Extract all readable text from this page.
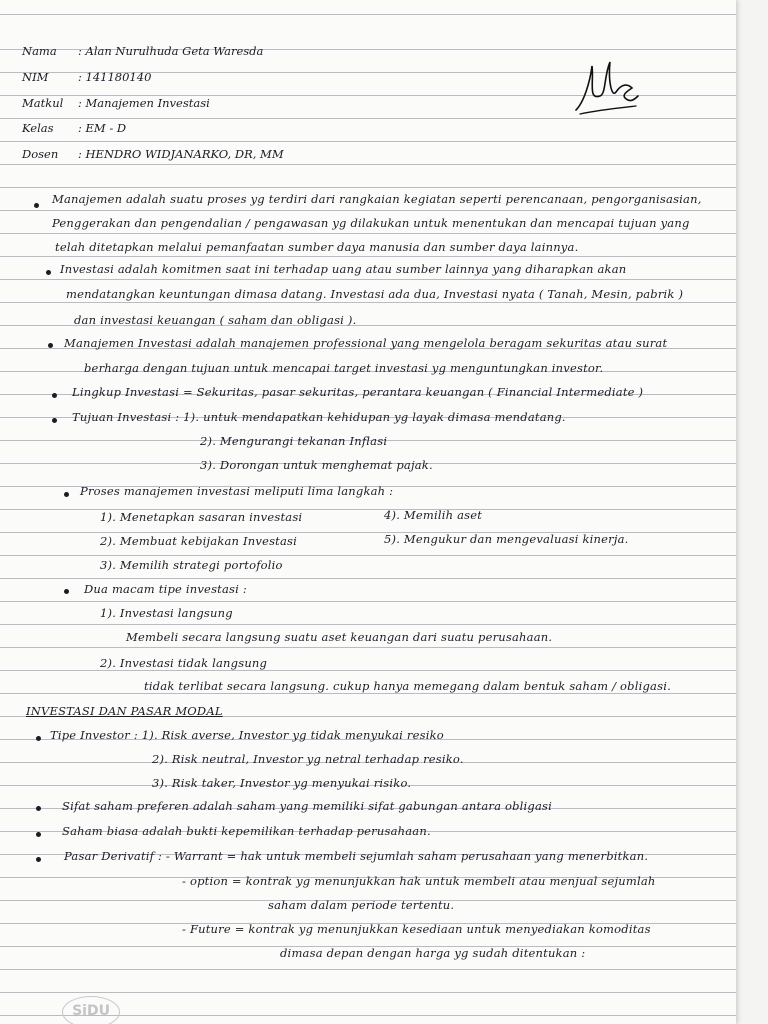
Nama : Alan Nurulhuda Geta Waresda
NIM	: 141180140
Matkul : Manajemen Investasi
Kelas : EM - D
Dosen : HENDRO WIDJANARKO, DR, MM
Manajemen adalah suatu proses yg terdiri dari rangkaian kegiatan seperti perencanaan, pengorganisasian,
Penggerakan dan pengendalian / pengawasan yg dilakukan untuk menentukan dan mencapai tujuan yang
telah ditetapkan melalui pemanfaatan sumber daya manusia dan sumber daya lainnya.
Investasi adalah komitmen saat ini terhadap uang atau sumber lainnya yang diharapkan akan
mendatangkan keuntungan dimasa datang. Investasi ada dua, Investasi nyata ( Tanah, Mesin, pabrik )
dan investasi keuangan ( saham dan obligasi ).
Manajemen Investasi adalah manajemen professional yang mengelola beragam sekuritas atau surat
berharga dengan tujuan untuk mencapai target investasi yg menguntungkan investor.
Lingkup Investasi = Sekuritas, pasar sekuritas, perantara keuangan ( Financial Intermediate )
Tujuan Investasi : 1). untuk mendapatkan kehidupan yg layak dimasa mendatang.
2). Mengurangi tekanan Inflasi
3). Dorongan untuk menghemat pajak.
Proses manajemen investasi meliputi lima langkah :
1). Menetapkan sasaran investasi	4). Memilih aset
2). Membuat kebijakan Investasi	5). Mengukur dan mengevaluasi kinerja.
3). Memilih strategi portofolio
Dua macam tipe investasi :
1). Investasi langsung
Membeli secara langsung suatu aset keuangan dari suatu perusahaan.
2). Investasi tidak langsung
tidak terlibat secara langsung. cukup hanya memegang dalam bentuk saham / obligasi.
INVESTASI DAN PASAR MODAL
Tipe Investor : 1). Risk averse, Investor yg tidak menyukai resiko
2). Risk neutral, Investor yg netral terhadap resiko.
3). Risk taker, Investor yg menyukai risiko.
Sifat saham preferen adalah saham yang memiliki sifat gabungan antara obligasi
Saham biasa adalah bukti kepemilikan terhadap perusahaan.
Pasar Derivatif : - Warrant = hak untuk membeli sejumlah saham perusahaan yang menerbitkan.
- option = kontrak yg menunjukkan hak untuk membeli atau menjual sejumlah
saham dalam periode tertentu.
- Future = kontrak yg menunjukkan kesediaan untuk menyediakan komoditas
dimasa depan dengan harga yg sudah ditentukan :
SiDU
